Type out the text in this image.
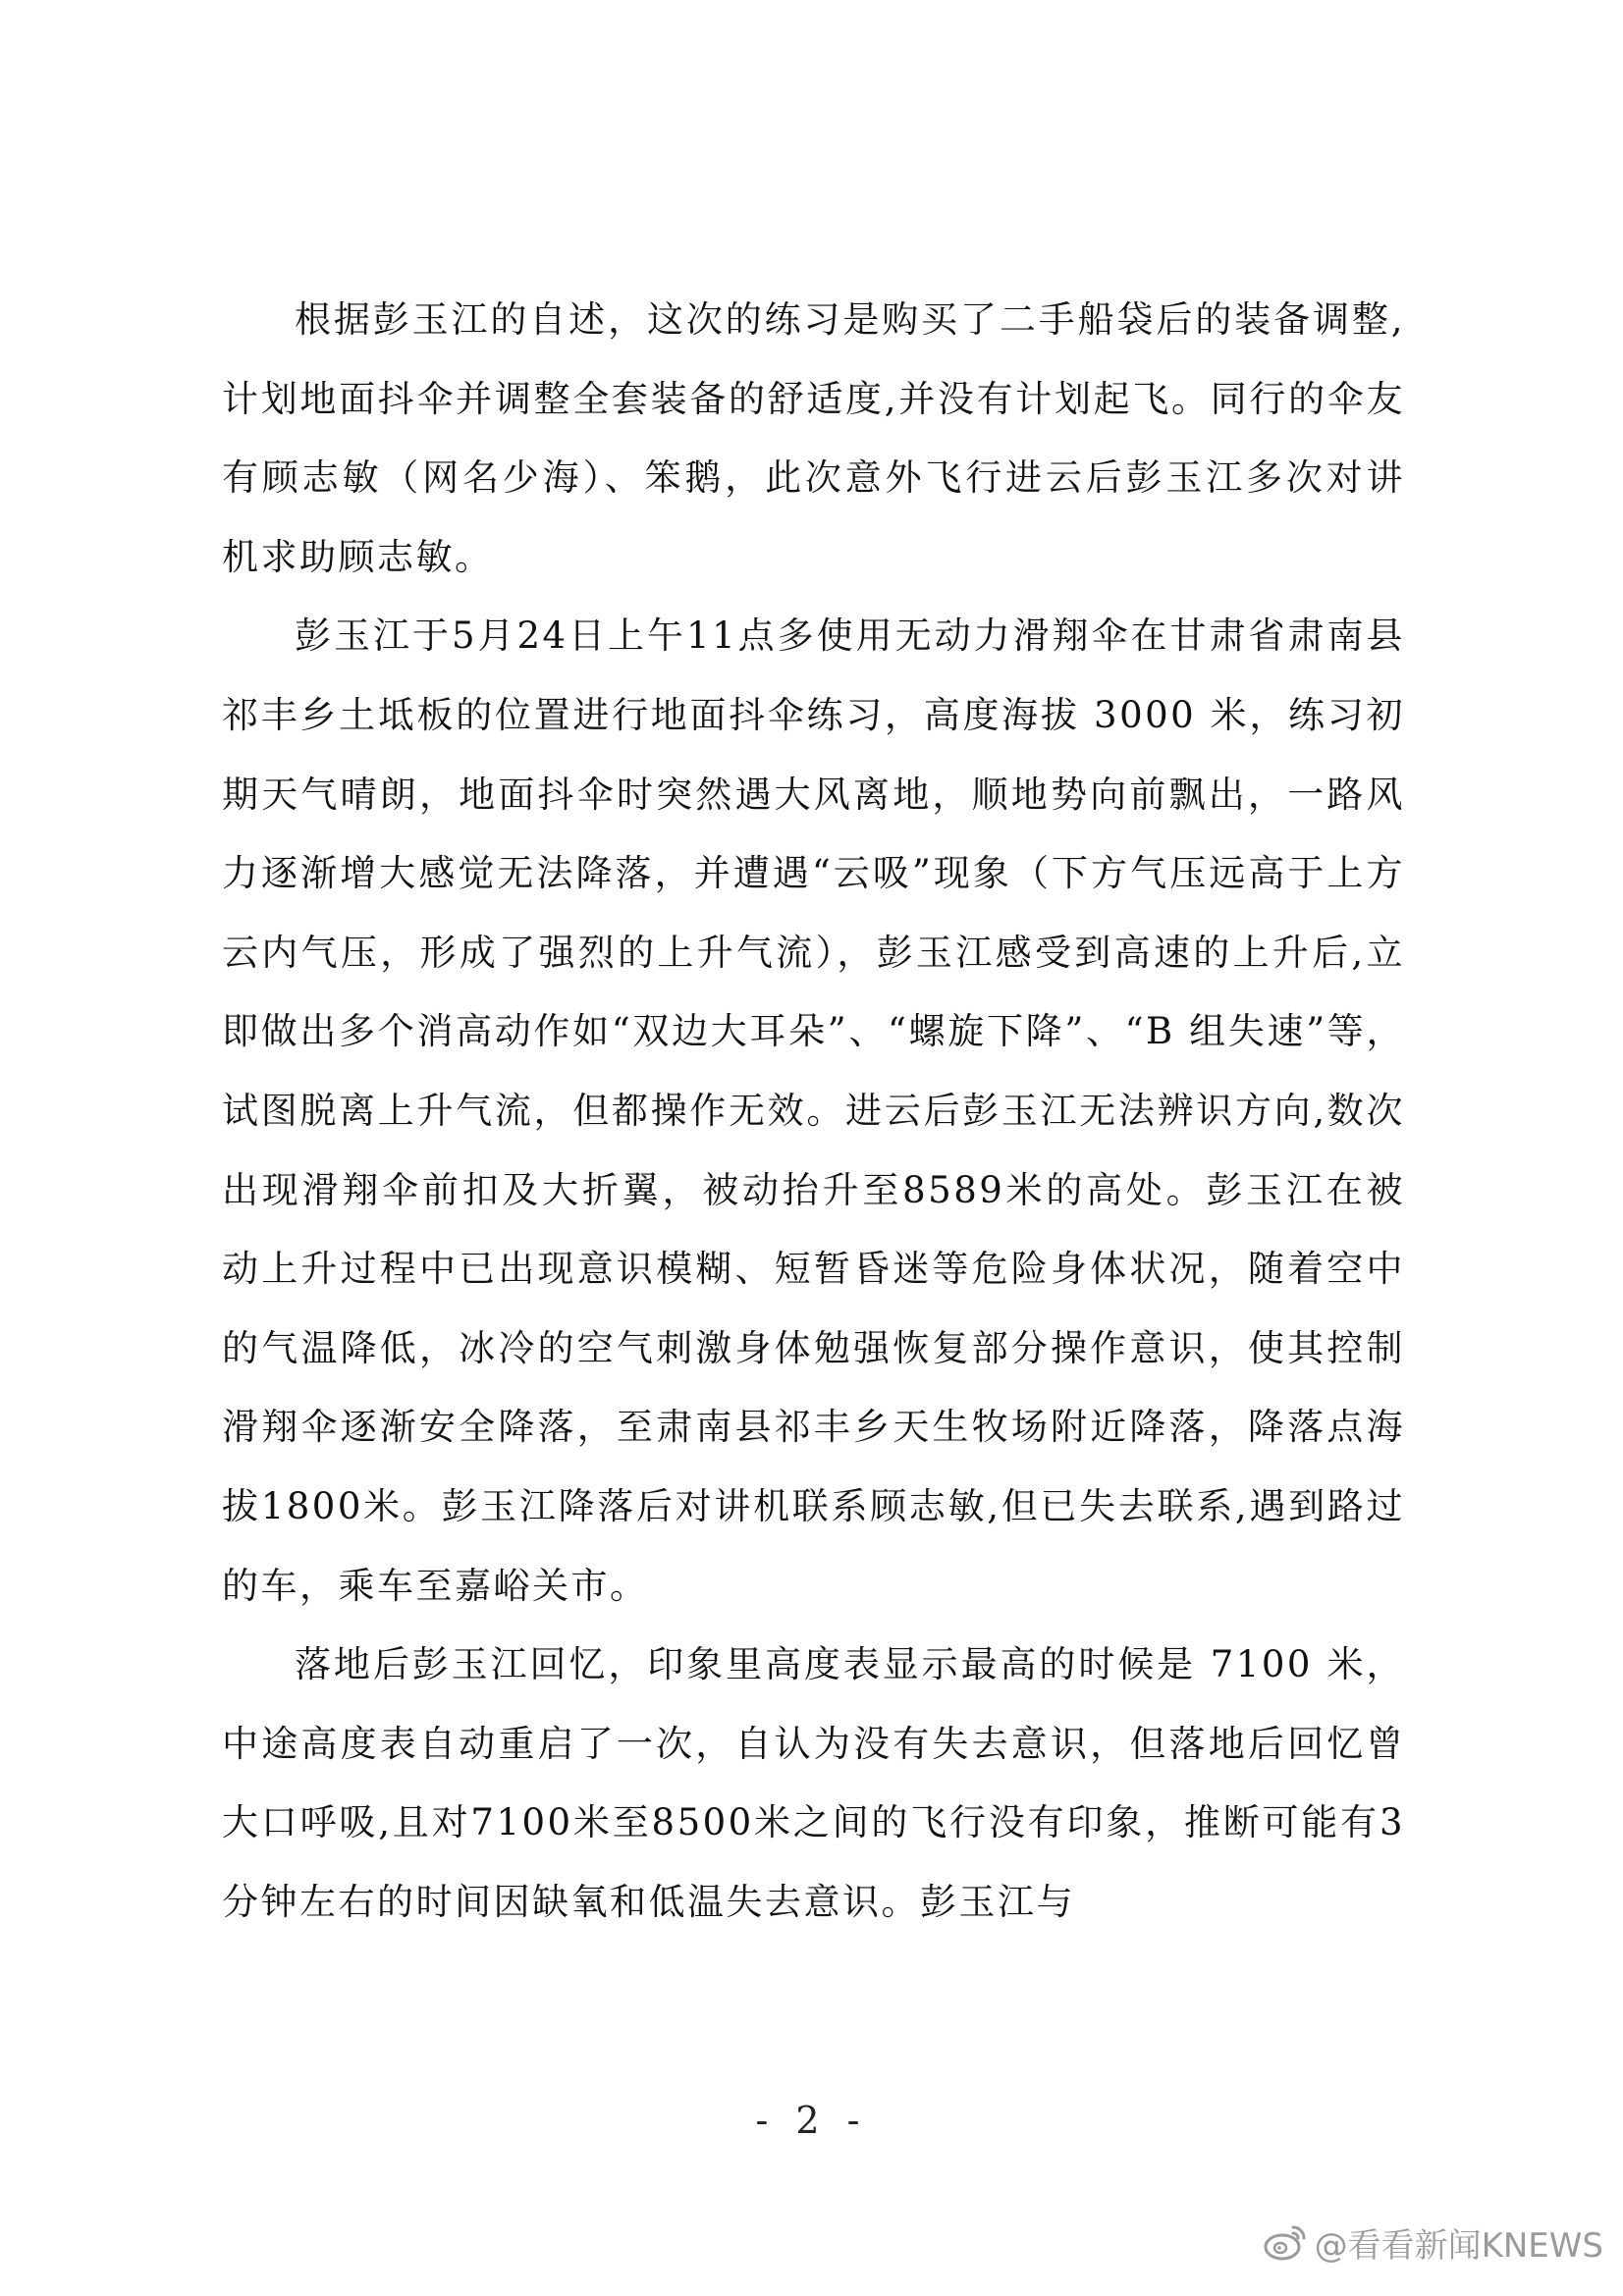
根据彭玉江的自述，这次的练习是购买了二手船袋后的装备调整,计划地面抖伞并调整全套装备的舒适度,并没有计划起飞。同行的伞友有顾志敏（网名少海）、笨鹅，此次意外飞行进云后彭玉江多次对讲机求助顾志敏。

彭玉江于5月24日上午11点多使用无动力滑翔伞在甘肃省肃南县祁丰乡土坻板的位置进行地面抖伞练习，高度海拔 3000 米，练习初期天气晴朗，地面抖伞时突然遇大风离地，顺地势向前飘出，一路风力逐渐增大感觉无法降落，并遭遇“云吸”现象（下方气压远高于上方云内气压，形成了强烈的上升气流），彭玉江感受到高速的上升后,立即做出多个消高动作如“双边大耳朵”、“螺旋下降”、“B 组失速”等，试图脱离上升气流，但都操作无效。进云后彭玉江无法辨识方向,数次出现滑翔伞前扣及大折翼，被动抬升至8589米的高处。彭玉江在被动上升过程中已出现意识模糊、短暂昏迷等危险身体状况，随着空中的气温降低，冰冷的空气刺激身体勉强恢复部分操作意识，使其控制滑翔伞逐渐安全降落，至肃南县祁丰乡天生牧场附近降落，降落点海拔1800米。彭玉江降落后对讲机联系顾志敏,但已失去联系,遇到路过的车，乘车至嘉峪关市。

落地后彭玉江回忆，印象里高度表显示最高的时候是 7100 米，中途高度表自动重启了一次，自认为没有失去意识，但落地后回忆曾大口呼吸,且对7100米至8500米之间的飞行没有印象，推断可能有3分钟左右的时间因缺氧和低温失去意识。彭玉江与

- 2 -
@看看新闻KNEWS
